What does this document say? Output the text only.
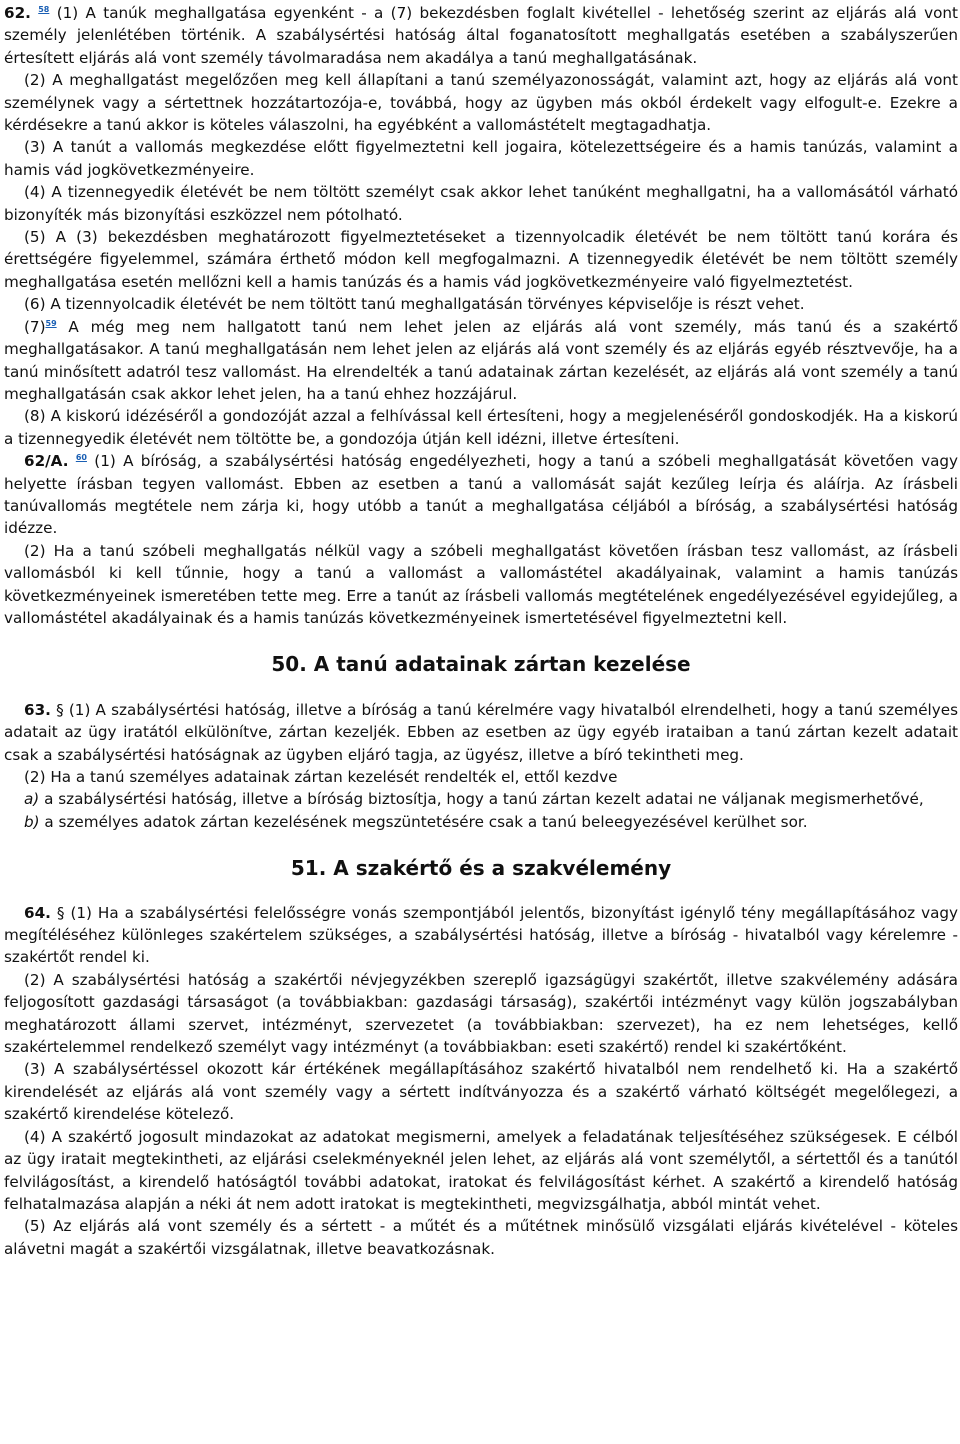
62. $^{58}$ (1) A tanúk meghallgatása egyenként - a (7) bekezdésben foglalt kivétellel - lehetőség szerint az eljárás alá vont személy jelenlétében történik. A szabálysértési hatóság által foganatosított meghallgatás esetében a szabályszerűen értesített eljárás alá vont személy távolmaradása nem akadálya a tanú meghallgatásának.

(2) A meghallgatást megelőzően meg kell állapítani a tanú személyazonosságát, valamint azt, hogy az eljárás alá vont személynek vagy a sértettnek hozzátartozója-e, továbbá, hogy az ügyben más okból érdekelt vagy elfogult-e. Ezekre a kérdésekre a tanú akkor is köteles válaszolni, ha egyébként a vallomástételt megtagadhatja.

(3) A tanút a vallomás megkezdése előtt figyelmeztetni kell jogaira, kötelezettségeire és a hamis tanúzás, valamint a hamis vád jogkövetkezményeire.

(4) A tizennegyedik életévét be nem töltött személyt csak akkor lehet tanúként meghallgatni, ha a vallomásától várható bizonyíték más bizonyítási eszközzel nem pótolható.

(5) A (3) bekezdésben meghatározott figyelmeztetéseket a tizennyolcadik életévét be nem töltött tanú korára és érettségére figyelemmel, számára érthető módon kell megfogalmazni. A tizennegyedik életévét be nem töltött személy meghallgatása esetén mellőzni kell a hamis tanúzás és a hamis vád jogkövetkezményeire való figyelmeztetést.

(6) A tizennyolcadik életévét be nem töltött tanú meghallgatásán törvényes képviselője is részt vehet.

(7)$^{59}$ A még meg nem hallgatott tanú nem lehet jelen az eljárás alá vont személy, más tanú és a szakértő meghallgatásakor. A tanú meghallgatásán nem lehet jelen az eljárás alá vont személy és az eljárás egyéb résztvevője, ha a tanú minősített adatról tesz vallomást. Ha elrendelték a tanú adatainak zártan kezelését, az eljárás alá vont személy a tanú meghallgatásán csak akkor lehet jelen, ha a tanú ehhez hozzájárul.

(8) A kiskorú idézéséről a gondozóját azzal a felhívással kell értesíteni, hogy a megjelenéséről gondoskodjék. Ha a kiskorú a tizennegyedik életévét nem töltötte be, a gondozója útján kell idézni, illetve értesíteni.

62/A. $^{60}$ (1) A bíróság, a szabálysértési hatóság engedélyezheti, hogy a tanú a szóbeli meghallgatását követően vagy helyette írásban tegyen vallomást. Ebben az esetben a tanú a vallomását saját kezűleg leírja és aláírja. Az írásbeli tanúvallomás megtétele nem zárja ki, hogy utóbb a tanút a meghallgatása céljából a bíróság, a szabálysértési hatóság idézze.

(2) Ha a tanú szóbeli meghallgatás nélkül vagy a szóbeli meghallgatást követően írásban tesz vallomást, az írásbeli vallomásból ki kell tűnnie, hogy a tanú a vallomást a vallomástétel akadályainak, valamint a hamis tanúzás következményeinek ismeretében tette meg. Erre a tanút az írásbeli vallomás megtételének engedélyezésével egyidejűleg, a vallomástétel akadályainak és a hamis tanúzás következményeinek ismertetésével figyelmeztetni kell.

50. A tanú adatainak zártan kezelése

63. § (1) A szabálysértési hatóság, illetve a bíróság a tanú kérelmére vagy hivatalból elrendelheti, hogy a tanú személyes adatait az ügy iratától elkülönítve, zártan kezeljék. Ebben az esetben az ügy egyéb irataiban a tanú zártan kezelt adatait csak a szabálysértési hatóságnak az ügyben eljáró tagja, az ügyész, illetve a bíró tekintheti meg.

(2) Ha a tanú személyes adatainak zártan kezelését rendelték el, ettől kezdve

a) a szabálysértési hatóság, illetve a bíróság biztosítja, hogy a tanú zártan kezelt adatai ne váljanak megismerhetővé,

b) a személyes adatok zártan kezelésének megszüntetésére csak a tanú beleegyezésével kerülhet sor.

51. A szakértő és a szakvélemény

64. § (1) Ha a szabálysértési felelősségre vonás szempontjából jelentős, bizonyítást igénylő tény megállapításához vagy megítéléséhez különleges szakértelem szükséges, a szabálysértési hatóság, illetve a bíróság - hivatalból vagy kérelemre - szakértőt rendel ki.

(2) A szabálysértési hatóság a szakértői névjegyzékben szereplő igazságügyi szakértőt, illetve szakvélemény adására feljogosított gazdasági társaságot (a továbbiakban: gazdasági társaság), szakértői intézményt vagy külön jogszabályban meghatározott állami szervet, intézményt, szervezetet (a továbbiakban: szervezet), ha ez nem lehetséges, kellő szakértelemmel rendelkező személyt vagy intézményt (a továbbiakban: eseti szakértő) rendel ki szakértőként.

(3) A szabálysértéssel okozott kár értékének megállapításához szakértő hivatalból nem rendelhető ki. Ha a szakértő kirendelését az eljárás alá vont személy vagy a sértett indítványozza és a szakértő várható költségét megelőlegezi, a szakértő kirendelése kötelező.

(4) A szakértő jogosult mindazokat az adatokat megismerni, amelyek a feladatának teljesítéséhez szükségesek. E célból az ügy iratait megtekintheti, az eljárási cselekményeknél jelen lehet, az eljárás alá vont személytől, a sértettől és a tanútól felvilágosítást, a kirendelő hatóságtól további adatokat, iratokat és felvilágosítást kérhet. A szakértő a kirendelő hatóság felhatalmazása alapján a néki át nem adott iratokat is megtekintheti, megvizsgálhatja, abból mintát vehet.

(5) Az eljárás alá vont személy és a sértett - a műtét és a műtétnek minősülő vizsgálati eljárás kivételével - köteles alávetni magát a szakértői vizsgálatnak, illetve beavatkozásnak.
